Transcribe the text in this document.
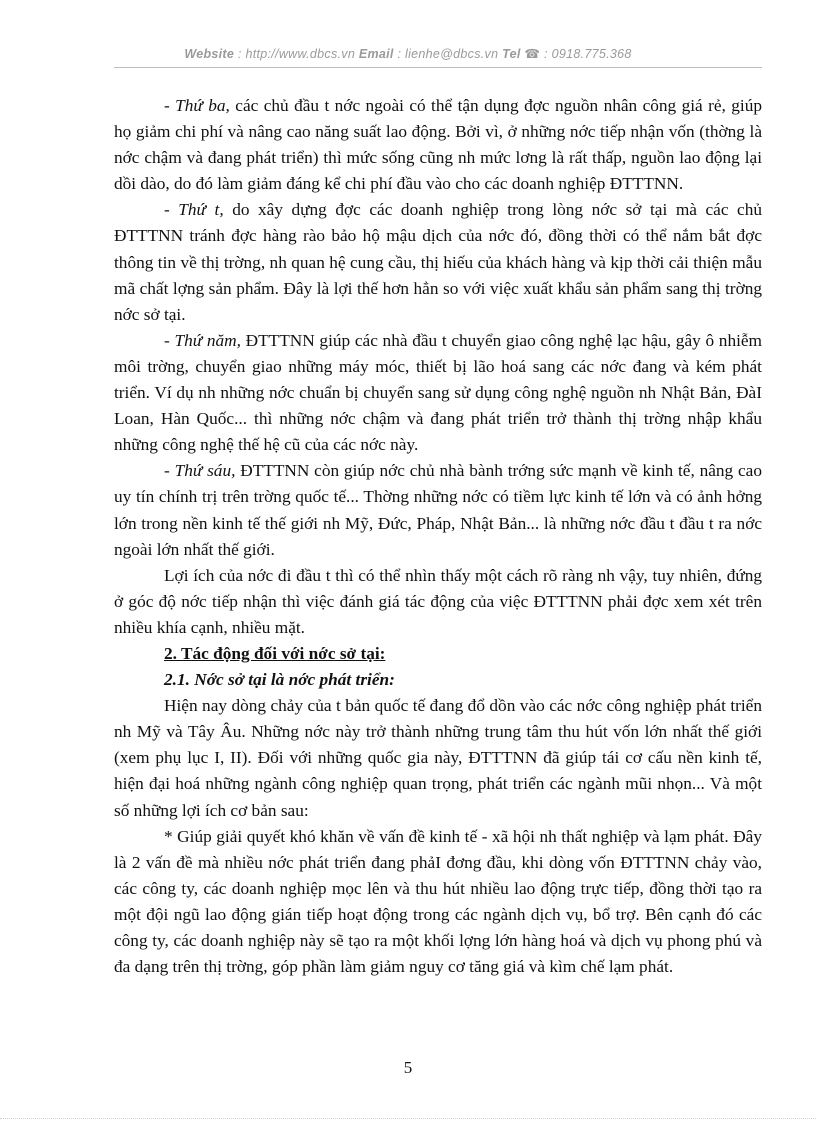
Website : http://www.dbcs.vn Email : lienhe@dbcs.vn Tel ☎ : 0918.775.368

- Thứ ba, các chủ đầu t nớc ngoài có thể tận dụng đợc nguồn nhân công giá rẻ, giúp họ giảm chi phí và nâng cao năng suất lao động. Bởi vì, ở những nớc tiếp nhận vốn (thờng là nớc chậm và đang phát triển) thì mức sống cũng nh mức lơng là rất thấp, nguồn lao động lại dồi dào, do đó làm giảm đáng kể chi phí đầu vào cho các doanh nghiệp ĐTTTNN.

- Thứ t, do xây dựng đợc các doanh nghiệp trong lòng nớc sở tại mà các chủ ĐTTTNN tránh đợc hàng rào bảo hộ mậu dịch của nớc đó, đồng thời có thể nắm bắt đợc thông tin về thị trờng, nh quan hệ cung cầu, thị hiếu của khách hàng và kịp thời cải thiện mẫu mã chất lợng sản phẩm. Đây là lợi thế hơn hẳn so với việc xuất khẩu sản phẩm sang thị trờng nớc sở tại.

- Thứ năm, ĐTTTNN giúp các nhà đầu t chuyển giao công nghệ lạc hậu, gây ô nhiễm môi trờng, chuyển giao những máy móc, thiết bị lão hoá sang các nớc đang và kém phát triển. Ví dụ nh những nớc chuẩn bị chuyển sang sử dụng công nghệ nguồn nh Nhật Bản, ĐàI Loan, Hàn Quốc... thì những nớc chậm và đang phát triển trở thành thị trờng nhập khẩu những công nghệ thế hệ cũ của các nớc này.

- Thứ sáu, ĐTTTNN còn giúp nớc chủ nhà bành trớng sức mạnh về kinh tế, nâng cao uy tín chính trị trên trờng quốc tế... Thờng những nớc có tiềm lực kinh tế lớn và có ảnh hởng lớn trong nền kinh tế thế giới nh Mỹ, Đức, Pháp, Nhật Bản... là những nớc đầu t đầu t ra nớc ngoài lớn nhất thế giới.

Lợi ích của nớc đi đầu t thì có thể nhìn thấy một cách rõ ràng nh vậy, tuy nhiên, đứng ở góc độ nớc tiếp nhận thì việc đánh giá tác động của việc ĐTTTNN phải đợc xem xét trên nhiều khía cạnh, nhiều mặt.

2. Tác động đối với nớc sở tại:

2.1. Nớc sở tại là nớc phát triển:

Hiện nay dòng chảy của t bản quốc tế đang đổ dồn vào các nớc công nghiệp phát triển nh Mỹ và Tây Âu. Những nớc này trở thành những trung tâm thu hút vốn lớn nhất thế giới (xem phụ lục I, II). Đối với những quốc gia này, ĐTTTNN đã giúp tái cơ cấu nền kinh tế, hiện đại hoá những ngành công nghiệp quan trọng, phát triển các ngành mũi nhọn... Và một số những lợi ích cơ bản sau:

* Giúp giải quyết khó khăn về vấn đề kinh tế - xã hội nh thất nghiệp và lạm phát. Đây là 2 vấn đề mà nhiều nớc phát triển đang phảI đơng đầu, khi dòng vốn ĐTTTNN chảy vào, các công ty, các doanh nghiệp mọc lên và thu hút nhiều lao động trực tiếp, đồng thời tạo ra một đội ngũ lao động gián tiếp hoạt động trong các ngành dịch vụ, bổ trợ. Bên cạnh đó các công ty, các doanh nghiệp này sẽ tạo ra một khối lợng lớn hàng hoá và dịch vụ phong phú và đa dạng trên thị trờng, góp phần làm giảm nguy cơ tăng giá và kìm chế lạm phát.

5
